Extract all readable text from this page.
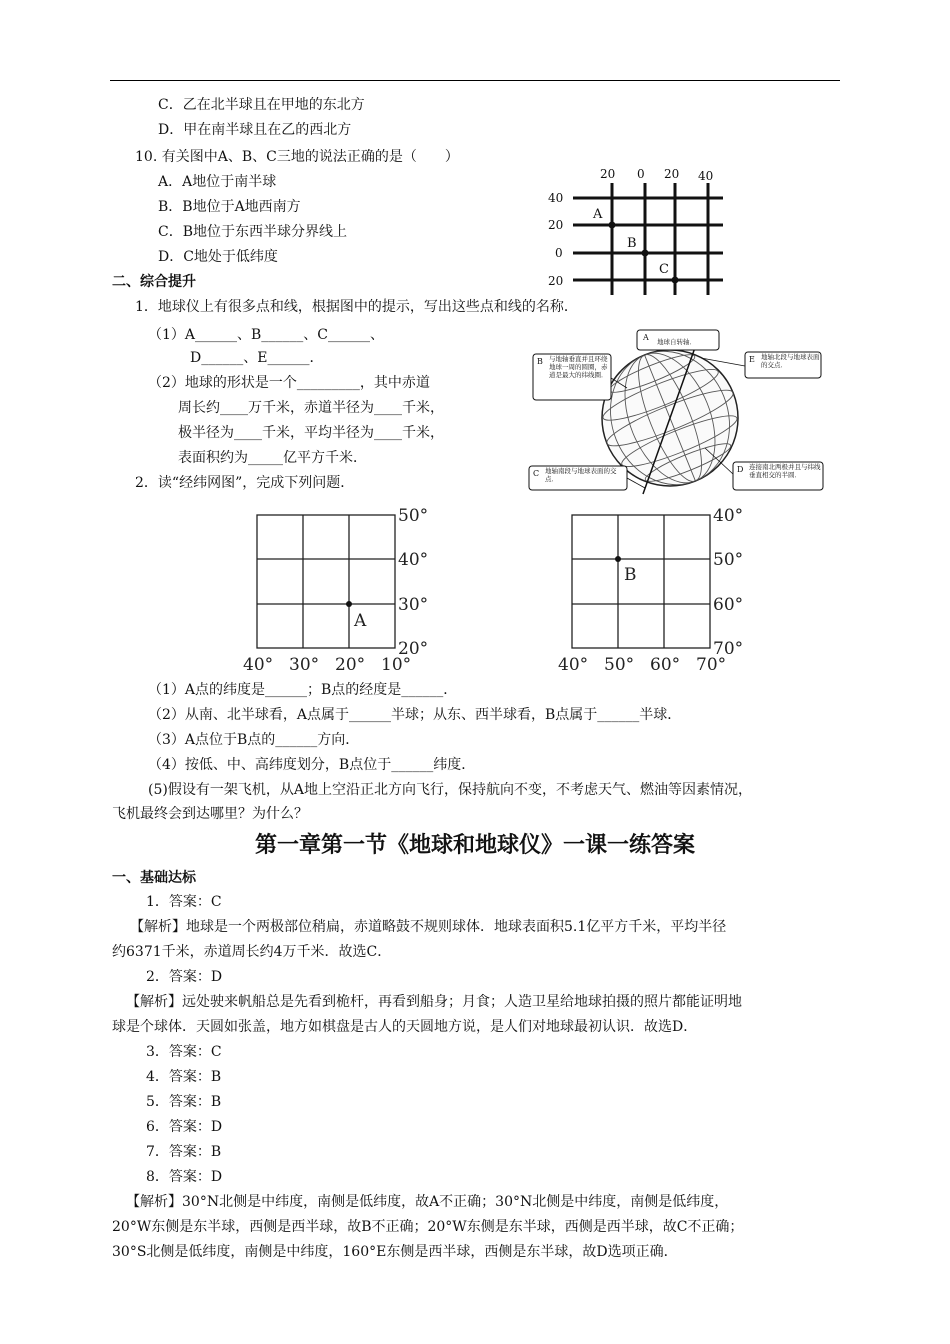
C．乙在北半球且在甲地的东北方
D．甲在南半球且在乙的西北方
10. 有关图中A、B、C三地的说法正确的是（　　）
A．A地位于南半球
B．B地位于A地西南方
C．B地位于东西半球分界线上
D．C地处于低纬度
20 0 20 40
40
20
0
20
A
B
C
二、综合提升
1．地球仪上有很多点和线，根据图中的提示，写出这些点和线的名称．
（1）A______、B______、C______、
D______、E______．
（2）地球的形状是一个_________，其中赤道
周长约____万千米，赤道半径为____千米，
极半径为____千米，平均半径为____千米，
表面积约为_____亿平方千米．
2．读“经纬网图”，完成下列问题．
A 地球自转轴．
B 与地轴垂直并且环绕地球一周的圆圈，赤道是最大的纬线圈．
E 地轴北段与地球表面的交点．
C 地轴南段与地球表面的交点．
D 连接南北两极并且与纬线垂直相交的半圆．
A
50°
40°
30°
20°
40° 30° 20° 10°
B
40°
50°
60°
70°
40° 50° 60° 70°
（1）A点的纬度是______；B点的经度是______．
（2）从南、北半球看，A点属于______半球；从东、西半球看，B点属于______半球．
（3）A点位于B点的______方向．
（4）按低、中、高纬度划分，B点位于______纬度．
(5)假设有一架飞机，从A地上空沿正北方向飞行，保持航向不变，不考虑天气、燃油等因素情况，
飞机最终会到达哪里？为什么？
第一章第一节《地球和地球仪》一课一练答案
一、基础达标
1．答案：C
【解析】地球是一个两极部位稍扁，赤道略鼓不规则球体．地球表面积5.1亿平方千米，平均半径
约6371千米，赤道周长约4万千米．故选C．
2．答案：D
【解析】远处驶来帆船总是先看到桅杆，再看到船身；月食；人造卫星给地球拍摄的照片都能证明地
球是个球体．天圆如张盖，地方如棋盘是古人的天圆地方说，是人们对地球最初认识．故选D．
3．答案：C
4．答案：B
5．答案：B
6．答案：D
7．答案：B
8．答案：D
【解析】30°N北侧是中纬度，南侧是低纬度，故A不正确；30°N北侧是中纬度，南侧是低纬度，
20°W东侧是东半球，西侧是西半球，故B不正确；20°W东侧是东半球，西侧是西半球，故C不正确；
30°S北侧是低纬度，南侧是中纬度，160°E东侧是西半球，西侧是东半球，故D选项正确．
